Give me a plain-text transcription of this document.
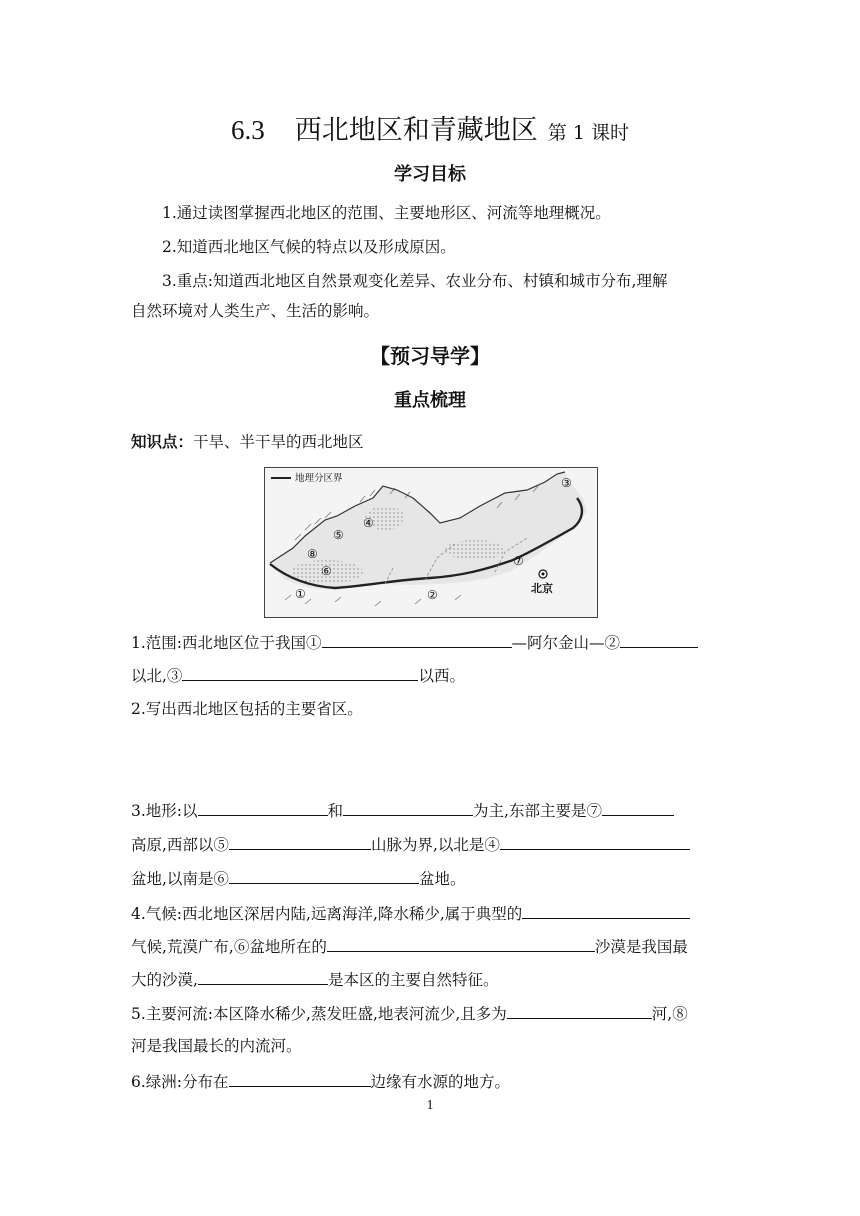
6.3 西北地区和青藏地区 第 1 课时
学习目标
1.通过读图掌握西北地区的范围、主要地形区、河流等地理概况。
2.知道西北地区气候的特点以及形成原因。
3.重点:知道西北地区自然景观变化差异、农业分布、村镇和城市分布,理解
自然环境对人类生产、生活的影响。
【预习导学】
重点梳理
知识点：干旱、半干旱的西北地区
地理分区界
北京
①	②
③
④
⑤
⑥
⑦
⑧
1.范围:西北地区位于我国①	—阿尔金山—②
以北,③	以西。
2.写出西北地区包括的主要省区。
3.地形:以	和	为主,东部主要是⑦
高原,西部以⑤	山脉为界,以北是④
盆地,以南是⑥	盆地。
4.气候:西北地区深居内陆,远离海洋,降水稀少,属于典型的
气候,荒漠广布,⑥盆地所在的	沙漠是我国最
大的沙漠,	是本区的主要自然特征。
5.主要河流:本区降水稀少,蒸发旺盛,地表河流少,且多为	河,⑧
河是我国最长的内流河。
6.绿洲:分布在	边缘有水源的地方。
1
